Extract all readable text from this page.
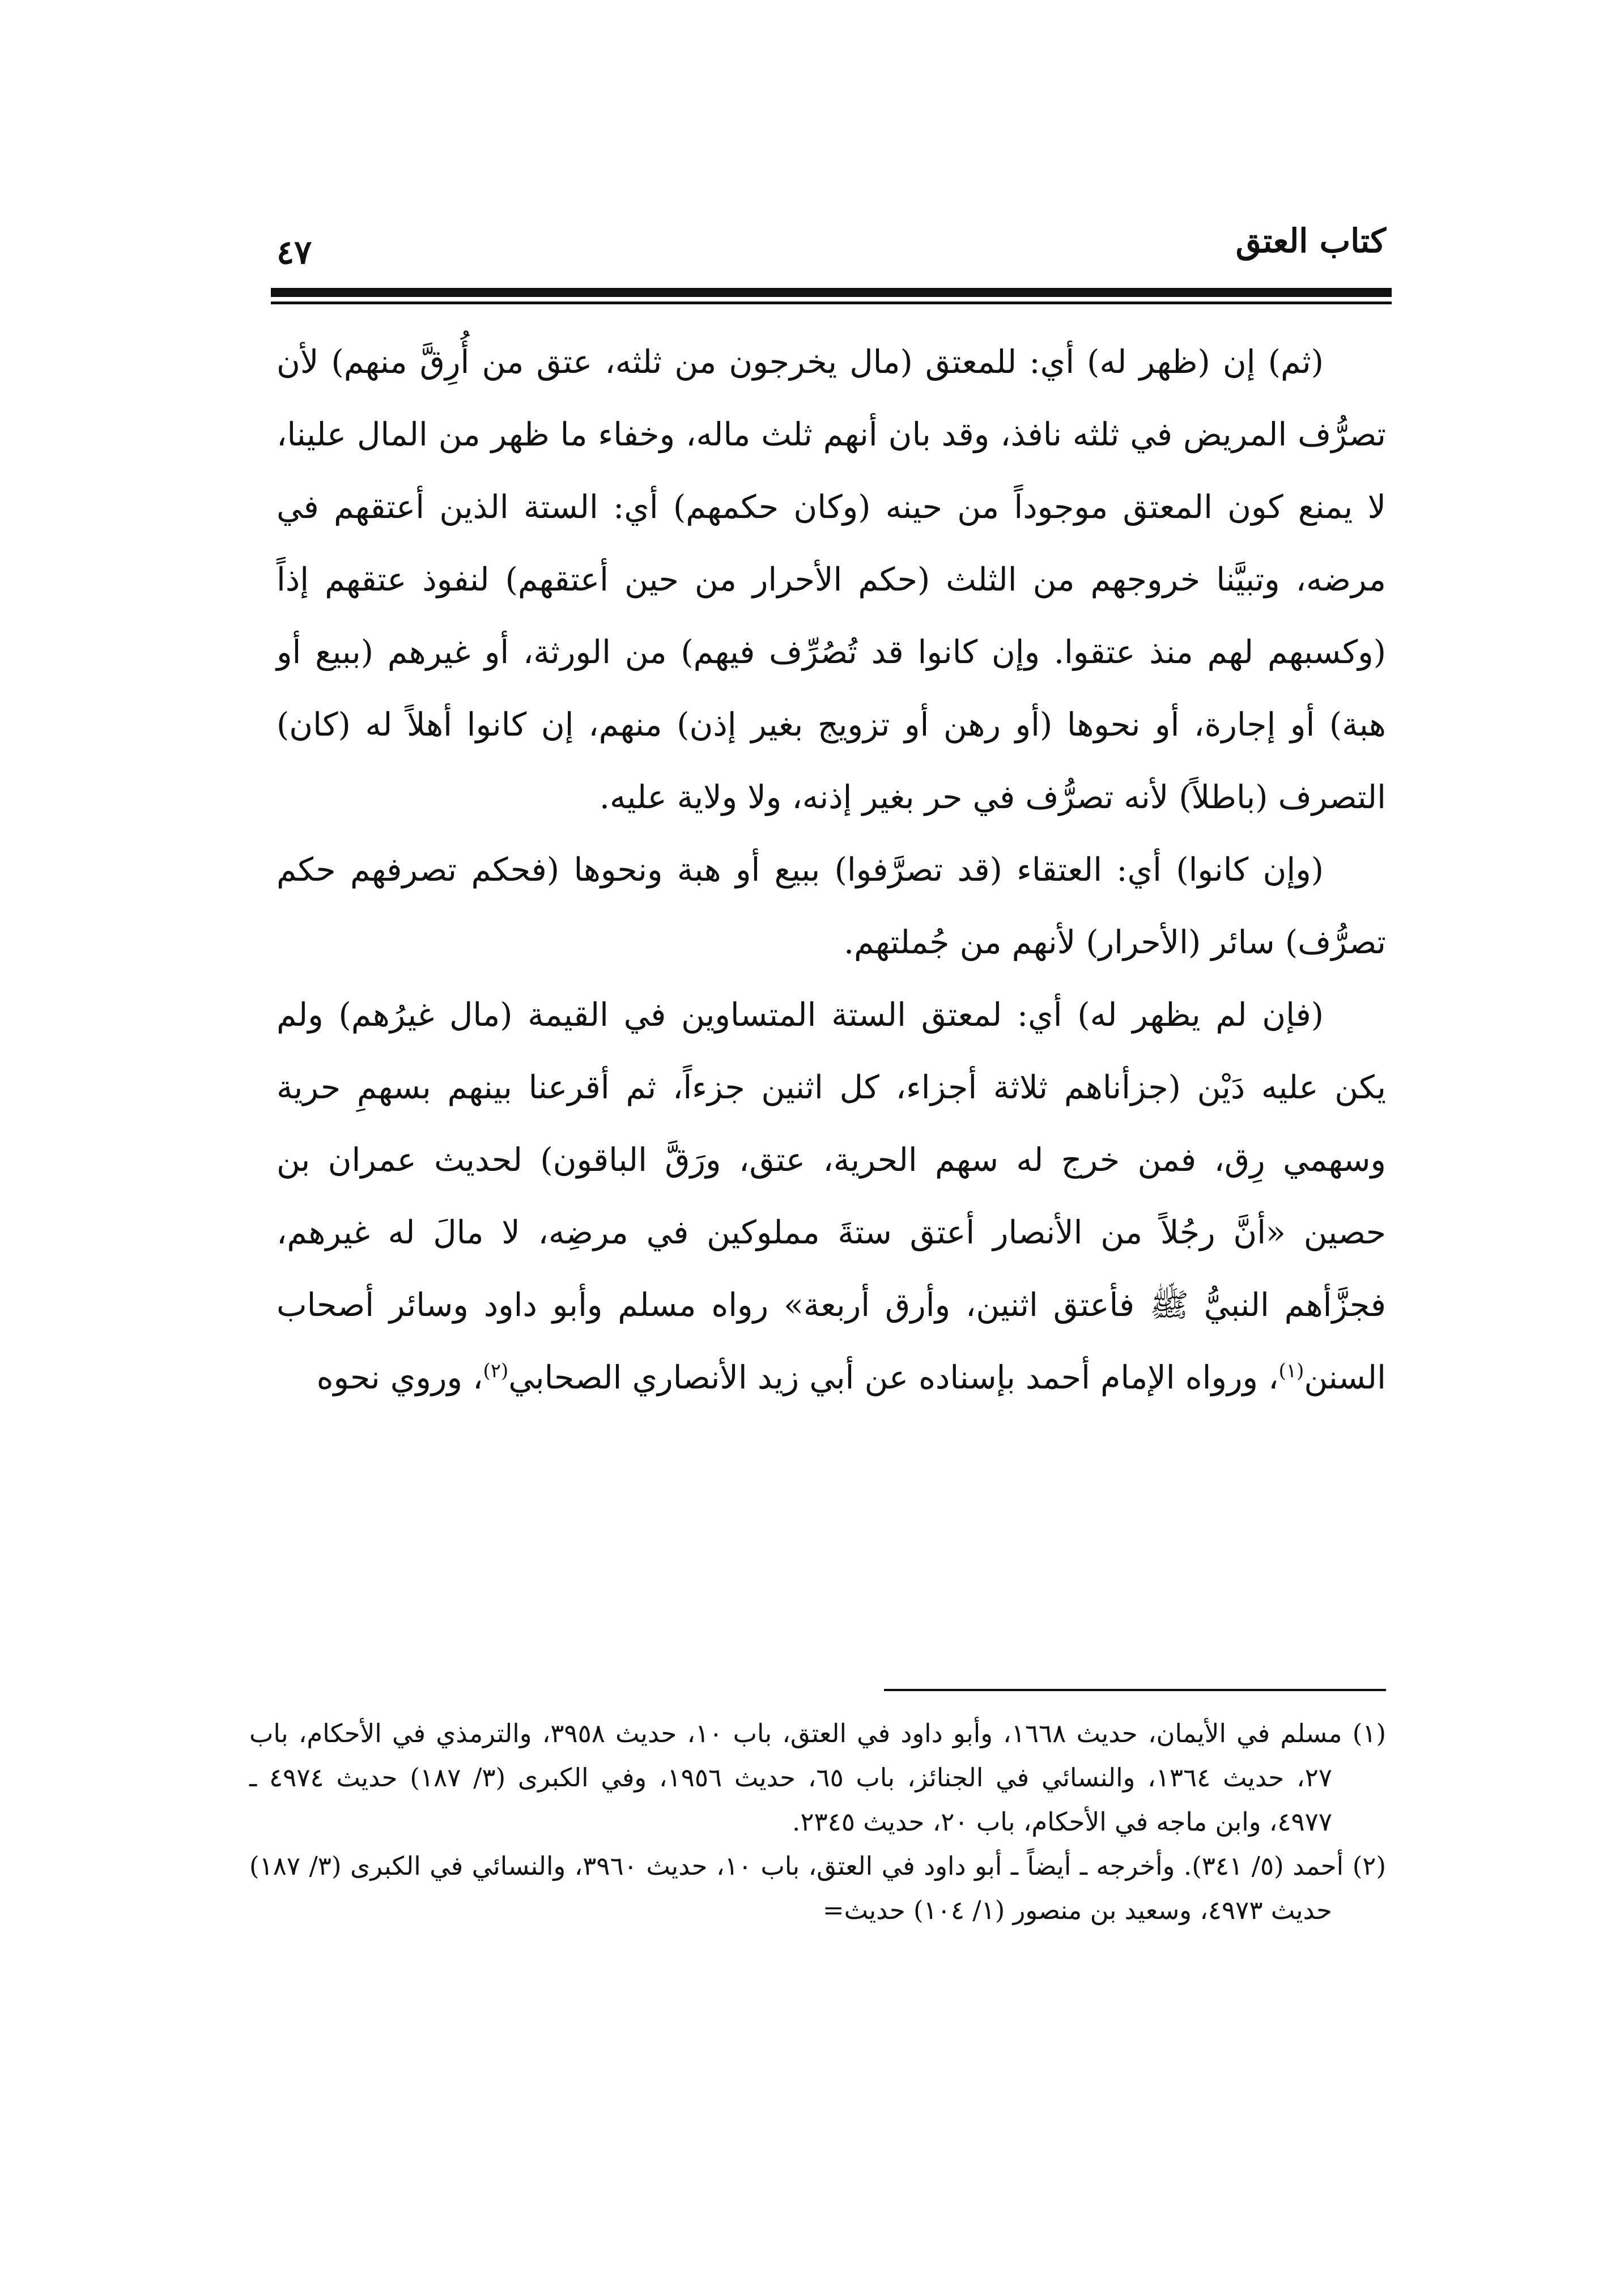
كتاب العتق
٤٧

(ثم) إن (ظهر له) أي: للمعتق (مال يخرجون من ثلثه، عتق من أُرِقَّ منهم) لأن تصرُّف المريض في ثلثه نافذ، وقد بان أنهم ثلث ماله، وخفاء ما ظهر من المال علينا، لا يمنع كون المعتق موجوداً من حينه (وكان حكمهم) أي: الستة الذين أعتقهم في مرضه، وتبيَّنا خروجهم من الثلث (حكم الأحرار من حين أعتقهم) لنفوذ عتقهم إذاً (وكسبهم لهم منذ عتقوا. وإن كانوا قد تُصُرِّف فيهم) من الورثة، أو غيرهم (ببيع أو هبة) أو إجارة، أو نحوها (أو رهن أو تزويج بغير إذن) منهم، إن كانوا أهلاً له (كان) التصرف (باطلاً) لأنه تصرُّف في حر بغير إذنه، ولا ولاية عليه.

(وإن كانوا) أي: العتقاء (قد تصرَّفوا) ببيع أو هبة ونحوها (فحكم تصرفهم حكم تصرُّف) سائر (الأحرار) لأنهم من جُملتهم.

(فإن لم يظهر له) أي: لمعتق الستة المتساوين في القيمة (مال غيرُهم) ولم يكن عليه دَيْن (جزأناهم ثلاثة أجزاء، كل اثنين جزءاً، ثم أقرعنا بينهم بسهمِ حرية وسهمي رِق، فمن خرج له سهم الحرية، عتق، ورَقَّ الباقون) لحديث عمران بن حصين «أنَّ رجُلاً من الأنصار أعتق ستةَ مملوكين في مرضِه، لا مالَ له غيرهم، فجزَّأهم النبيُّ ﷺ فأعتق اثنين، وأرق أربعة» رواه مسلم وأبو داود وسائر أصحاب السنن$^{(١)}$، ورواه الإمام أحمد بإسناده عن أبي زيد الأنصاري الصحابي$^{(٢)}$، وروي نحوه

(١) مسلم في الأيمان، حديث ١٦٦٨، وأبو داود في العتق، باب ١٠، حديث ٣٩٥٨، والترمذي في الأحكام، باب ٢٧، حديث ١٣٦٤، والنسائي في الجنائز، باب ٦٥، حديث ١٩٥٦، وفي الكبرى (٣/ ١٨٧) حديث ٤٩٧٤ ـ ٤٩٧٧، وابن ماجه في الأحكام، باب ٢٠، حديث ٢٣٤٥.

(٢) أحمد (٥/ ٣٤١). وأخرجه ـ أيضاً ـ أبو داود في العتق، باب ١٠، حديث ٣٩٦٠، والنسائي في الكبرى (٣/ ١٨٧) حديث ٤٩٧٣، وسعيد بن منصور (١/ ١٠٤) حديث=
